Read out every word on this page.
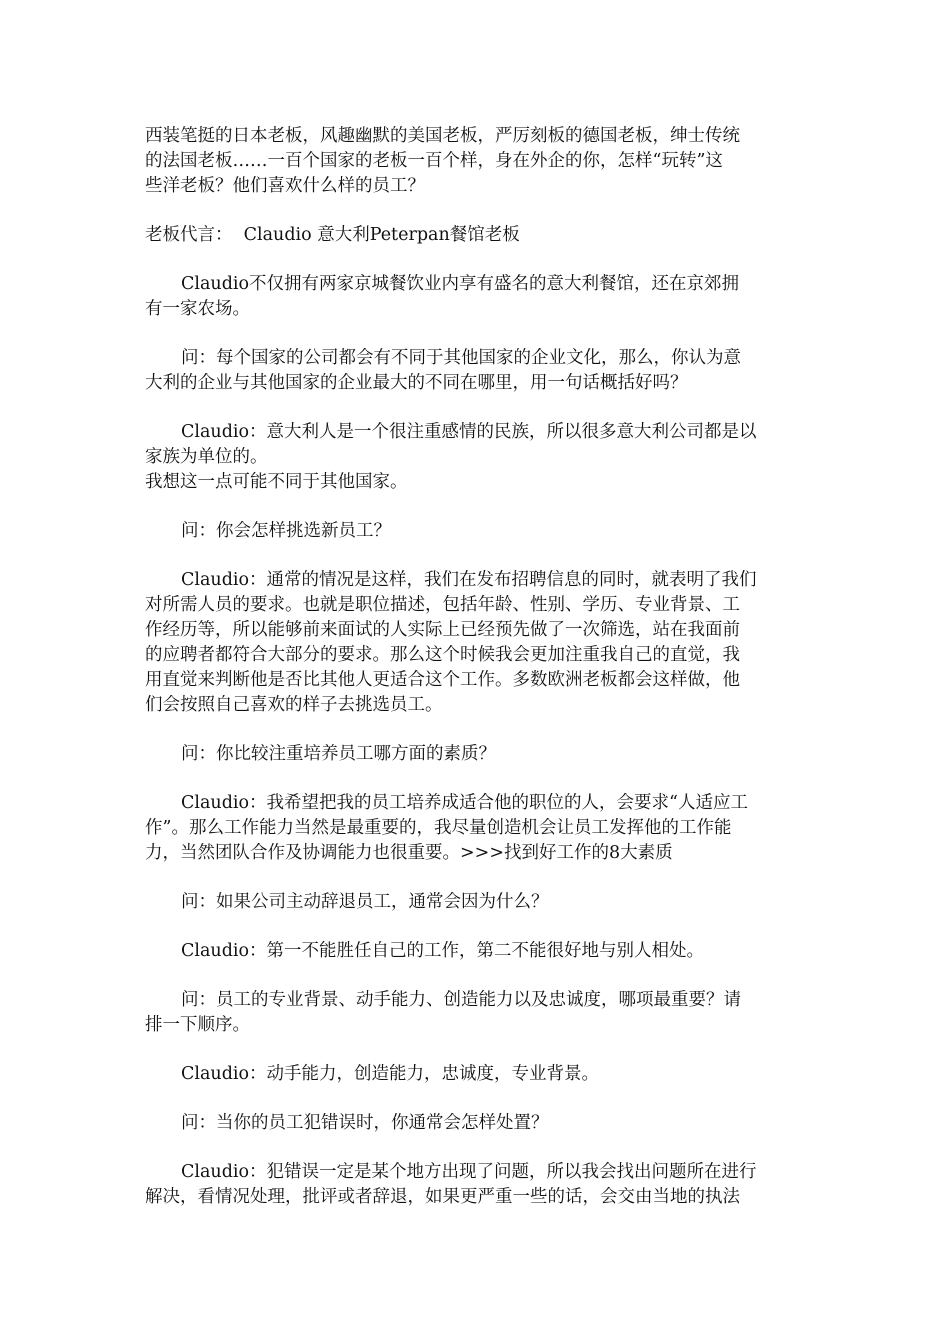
西装笔挺的日本老板，风趣幽默的美国老板，严厉刻板的德国老板，绅士传统
的法国老板……一百个国家的老板一百个样，身在外企的你，怎样“玩转”这
些洋老板？他们喜欢什么样的员工？

老板代言：  Claudio 意大利Peterpan餐馆老板

Claudio不仅拥有两家京城餐饮业内享有盛名的意大利餐馆，还在京郊拥
有一家农场。

问：每个国家的公司都会有不同于其他国家的企业文化，那么，你认为意
大利的企业与其他国家的企业最大的不同在哪里，用一句话概括好吗？

Claudio：意大利人是一个很注重感情的民族，所以很多意大利公司都是以
家族为单位的。
我想这一点可能不同于其他国家。

问：你会怎样挑选新员工？

Claudio：通常的情况是这样，我们在发布招聘信息的同时，就表明了我们
对所需人员的要求。也就是职位描述，包括年龄、性别、学历、专业背景、工
作经历等，所以能够前来面试的人实际上已经预先做了一次筛选，站在我面前
的应聘者都符合大部分的要求。那么这个时候我会更加注重我自己的直觉，我
用直觉来判断他是否比其他人更适合这个工作。多数欧洲老板都会这样做，他
们会按照自己喜欢的样子去挑选员工。

问：你比较注重培养员工哪方面的素质？

Claudio：我希望把我的员工培养成适合他的职位的人，会要求“人适应工
作”。那么工作能力当然是最重要的，我尽量创造机会让员工发挥他的工作能
力，当然团队合作及协调能力也很重要。>>>找到好工作的8大素质

问：如果公司主动辞退员工，通常会因为什么？

Claudio：第一不能胜任自己的工作，第二不能很好地与别人相处。

问：员工的专业背景、动手能力、创造能力以及忠诚度，哪项最重要？请
排一下顺序。

Claudio：动手能力，创造能力，忠诚度，专业背景。

问：当你的员工犯错误时，你通常会怎样处置？

Claudio：犯错误一定是某个地方出现了问题，所以我会找出问题所在进行
解决，看情况处理，批评或者辞退，如果更严重一些的话，会交由当地的执法
